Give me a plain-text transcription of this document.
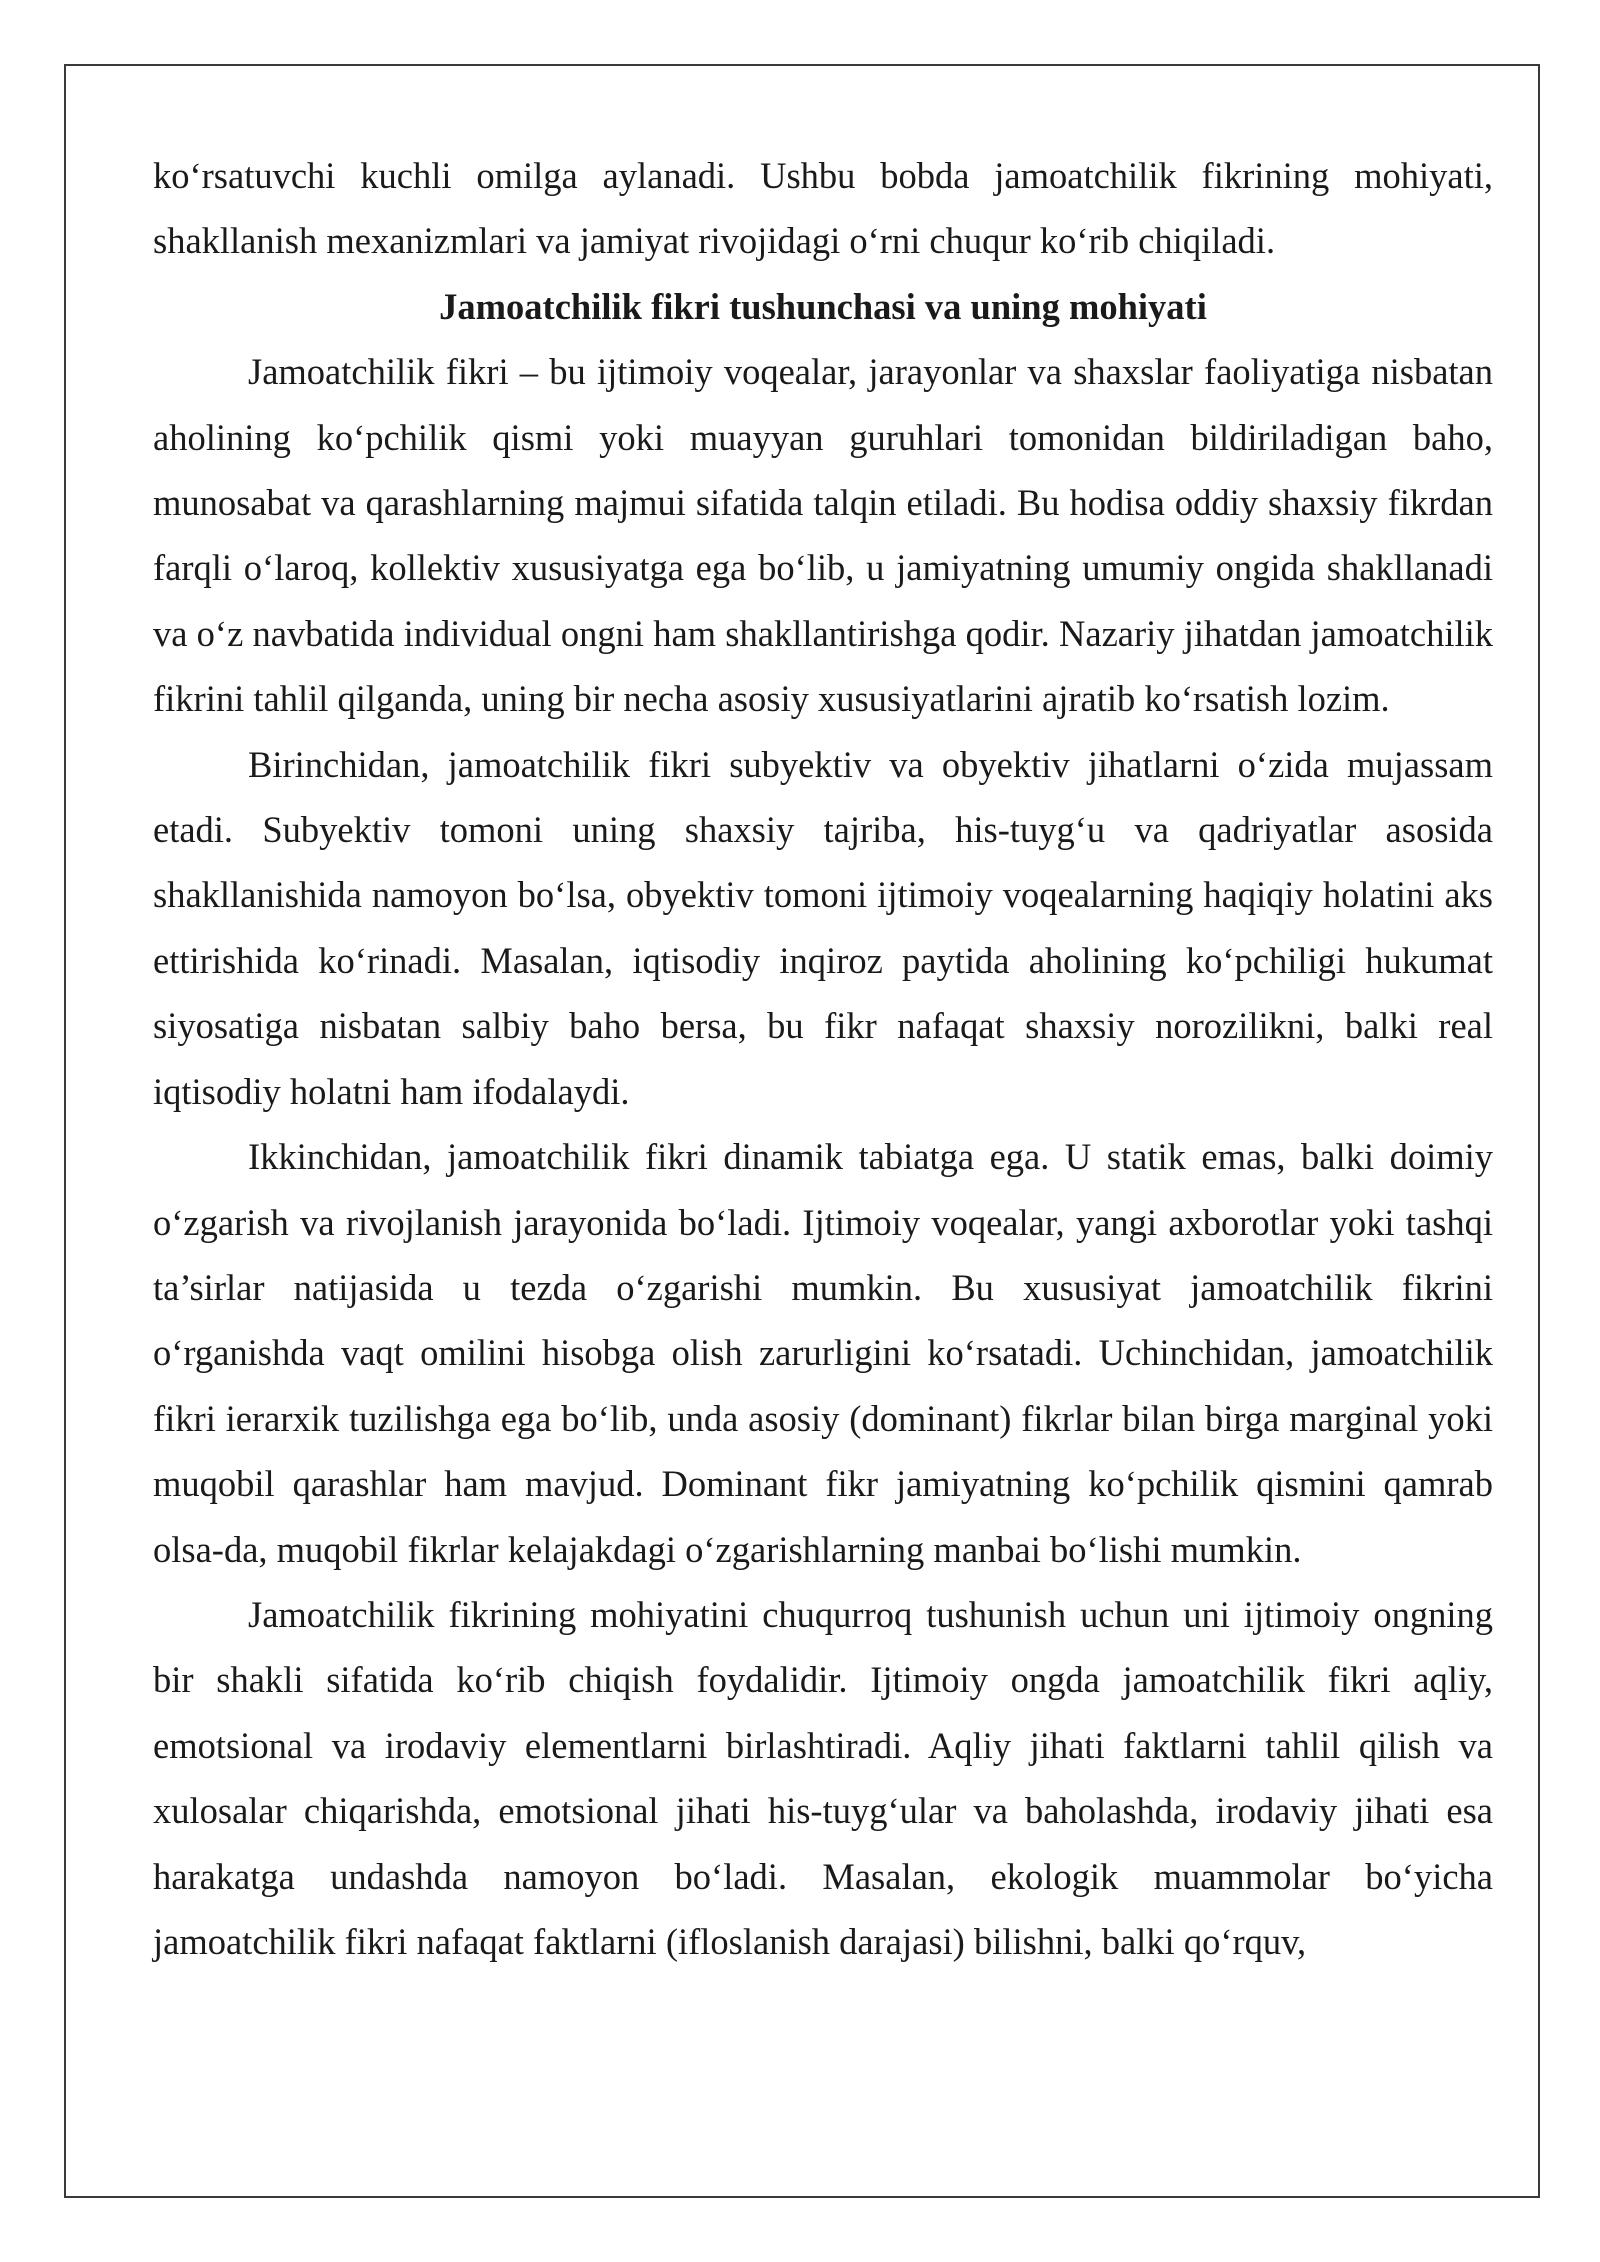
ko‘rsatuvchi kuchli omilga aylanadi. Ushbu bobda jamoatchilik fikrining mohiyati, shakllanish mexanizmlari va jamiyat rivojidagi o‘rni chuqur ko‘rib chiqiladi.

Jamoatchilik fikri tushunchasi va uning mohiyati

Jamoatchilik fikri – bu ijtimoiy voqealar, jarayonlar va shaxslar faoliyatiga nisbatan aholining ko‘pchilik qismi yoki muayyan guruhlari tomonidan bildiriladigan baho, munosabat va qarashlarning majmui sifatida talqin etiladi. Bu hodisa oddiy shaxsiy fikrdan farqli o‘laroq, kollektiv xususiyatga ega bo‘lib, u jamiyatning umumiy ongida shakllanadi va o‘z navbatida individual ongni ham shakllantirishga qodir. Nazariy jihatdan jamoatchilik fikrini tahlil qilganda, uning bir necha asosiy xususiyatlarini ajratib ko‘rsatish lozim.

Birinchidan, jamoatchilik fikri subyektiv va obyektiv jihatlarni o‘zida mujassam etadi. Subyektiv tomoni uning shaxsiy tajriba, his-tuyg‘u va qadriyatlar asosida shakllanishida namoyon bo‘lsa, obyektiv tomoni ijtimoiy voqealarning haqiqiy holatini aks ettirishida ko‘rinadi. Masalan, iqtisodiy inqiroz paytida aholining ko‘pchiligi hukumat siyosatiga nisbatan salbiy baho bersa, bu fikr nafaqat shaxsiy norozilikni, balki real iqtisodiy holatni ham ifodalaydi.

Ikkinchidan, jamoatchilik fikri dinamik tabiatga ega. U statik emas, balki doimiy o‘zgarish va rivojlanish jarayonida bo‘ladi. Ijtimoiy voqealar, yangi axborotlar yoki tashqi ta’sirlar natijasida u tezda o‘zgarishi mumkin. Bu xususiyat jamoatchilik fikrini o‘rganishda vaqt omilini hisobga olish zarurligini ko‘rsatadi. Uchinchidan, jamoatchilik fikri ierarxik tuzilishga ega bo‘lib, unda asosiy (dominant) fikrlar bilan birga marginal yoki muqobil qarashlar ham mavjud. Dominant fikr jamiyatning ko‘pchilik qismini qamrab olsa-da, muqobil fikrlar kelajakdagi o‘zgarishlarning manbai bo‘lishi mumkin.

Jamoatchilik fikrining mohiyatini chuqurroq tushunish uchun uni ijtimoiy ongning bir shakli sifatida ko‘rib chiqish foydalidir. Ijtimoiy ongda jamoatchilik fikri aqliy, emotsional va irodaviy elementlarni birlashtiradi. Aqliy jihati faktlarni tahlil qilish va xulosalar chiqarishda, emotsional jihati his-tuyg‘ular va baholashda, irodaviy jihati esa harakatga undashda namoyon bo‘ladi. Masalan, ekologik muammolar bo‘yicha jamoatchilik fikri nafaqat faktlarni (ifloslanish darajasi) bilishni, balki qo‘rquv,
